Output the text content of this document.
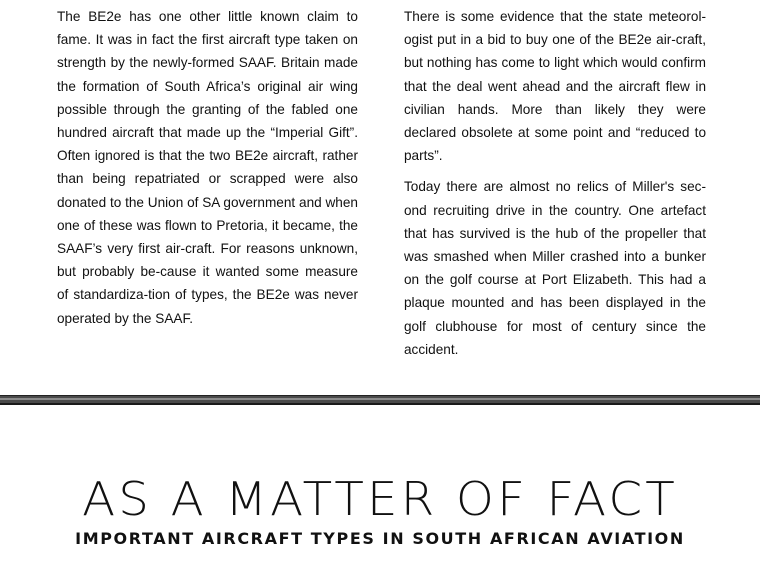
The BE2e has one other little known claim to fame. It was in fact the first aircraft type taken on strength by the newly-formed SAAF. Britain made the formation of South Africa’s original air wing possible through the granting of the fabled one hundred aircraft that made up the “Imperial Gift”. Often ignored is that the two BE2e aircraft, rather than being repatriated or scrapped were also donated to the Union of SA government and when one of these was flown to Pretoria, it became, the SAAF’s very first air-craft. For reasons unknown, but probably be-cause it wanted some measure of standardiza-tion of types, the BE2e was never operated by the SAAF.

There is some evidence that the state meteorol-ogist put in a bid to buy one of the BE2e air-craft, but nothing has come to light which would confirm that the deal went ahead and the aircraft flew in civilian hands. More than likely they were declared obsolete at some point and “reduced to parts”.

Today there are almost no relics of Miller's sec-ond recruiting drive in the country. One artefact that has survived is the hub of the propeller that was smashed when Miller crashed into a bunker on the golf course at Port Elizabeth. This had a plaque mounted and has been displayed in the golf clubhouse for most of century since the accident.

AS A MATTER OF FACT
IMPORTANT AIRCRAFT TYPES IN SOUTH AFRICAN AVIATION
